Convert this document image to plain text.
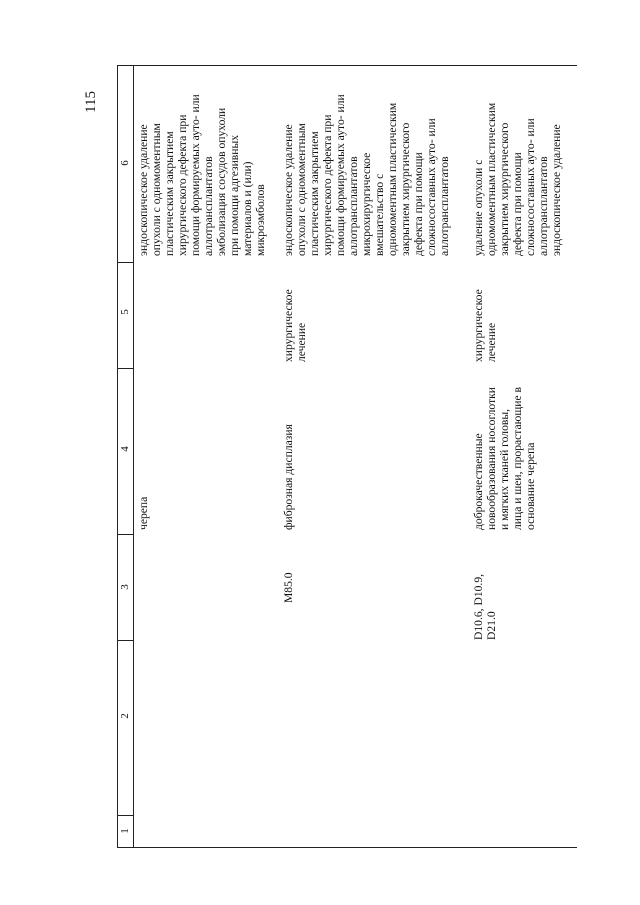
115
1
2
3
4
5
6
черепа
эндоскопическое удаление
опухоли с одномоментным
пластическим закрытием
хирургического дефекта при
помощи формируемых ауто- или
аллотрансплантатов
эмболизация сосудов опухоли
при помощи адгезивных
материалов и (или)
микроэмболов
M85.0
фиброзная дисплазия
хирургическое
лечение
эндоскопическое удаление
опухоли с одномоментным
пластическим закрытием
хирургического дефекта при
помощи формируемых ауто- или
аллотрансплантатов
микрохирургическое
вмешательство с
одномоментным пластическим
закрытием хирургического
дефекта при помощи
сложносоставных ауто- или
аллотрансплантатов
D10.6, D10.9,
D21.0
доброкачественные
новообразования носоглотки
и мягких тканей головы,
лица и шеи, прорастающие в
основание черепа
хирургическое
лечение
удаление опухоли с
одномоментным пластическим
закрытием хирургического
дефекта при помощи
сложносоставных ауто- или
аллотрансплантатов
эндоскопическое удаление
